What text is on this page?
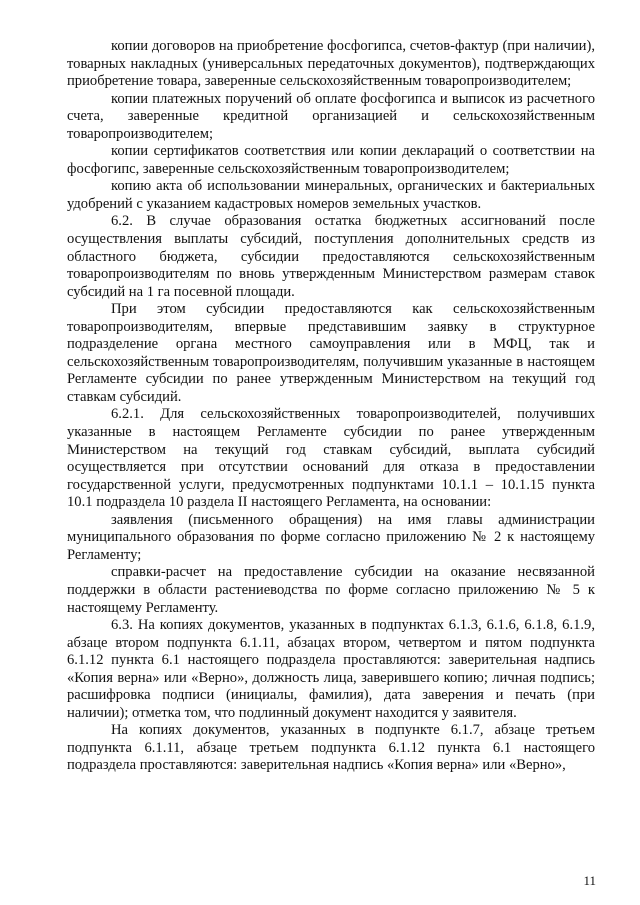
копии договоров на приобретение фосфогипса, счетов-фактур (при наличии), товарных накладных (универсальных передаточных документов), подтверждающих приобретение товара, заверенные сельскохозяйственным товаропроизводителем;

копии платежных поручений об оплате фосфогипса и выписок из расчетного счета, заверенные кредитной организацией и сельскохозяйственным товаропроизводителем;

копии сертификатов соответствия или копии деклараций о соответствии на фосфогипс, заверенные сельскохозяйственным товаропроизводителем;

копию акта об использовании минеральных, органических и бактериальных удобрений с указанием кадастровых номеров земельных участков.

6.2. В случае образования остатка бюджетных ассигнований после осуществления выплаты субсидий, поступления дополнительных средств из областного бюджета, субсидии предоставляются сельскохозяйственным товаропроизводителям по вновь утвержденным Министерством размерам ставок субсидий на 1 га посевной площади.

При этом субсидии предоставляются как сельскохозяйственным товаропроизводителям, впервые представившим заявку в структурное подразделение органа местного самоуправления или в МФЦ, так и сельскохозяйственным товаропроизводителям, получившим указанные в настоящем Регламенте субсидии по ранее утвержденным Министерством на текущий год ставкам субсидий.

6.2.1. Для сельскохозяйственных товаропроизводителей, получивших указанные в настоящем Регламенте субсидии по ранее утвержденным Министерством на текущий год ставкам субсидий, выплата субсидий осуществляется при отсутствии оснований для отказа в предоставлении государственной услуги, предусмотренных подпунктами 10.1.1 – 10.1.15 пункта 10.1 подраздела 10 раздела II настоящего Регламента, на основании:

заявления (письменного обращения) на имя главы администрации муниципального образования по форме согласно приложению № 2 к настоящему Регламенту;

справки-расчет на предоставление субсидии на оказание несвязанной поддержки в области растениеводства по форме согласно приложению № 5 к настоящему Регламенту.

6.3. На копиях документов, указанных в подпунктах 6.1.3, 6.1.6, 6.1.8, 6.1.9, абзаце втором подпункта 6.1.11, абзацах втором, четвертом и пятом подпункта 6.1.12 пункта 6.1 настоящего подраздела проставляются: заверительная надпись «Копия верна» или «Верно», должность лица, заверившего копию; личная подпись; расшифровка подписи (инициалы, фамилия), дата заверения и печать (при наличии); отметка том, что подлинный документ находится у заявителя.

На копиях документов, указанных в подпункте 6.1.7, абзаце третьем подпункта 6.1.11, абзаце третьем подпункта 6.1.12 пункта 6.1 настоящего подраздела проставляются: заверительная надпись «Копия верна» или «Верно»,

11
